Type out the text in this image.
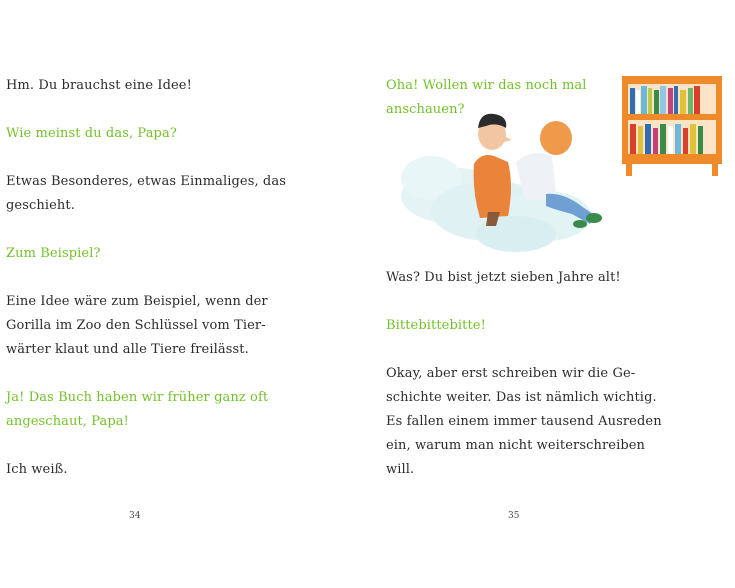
Hm. Du brauchst eine Idee!
Wie meinst du das, Papa?
Etwas Besonderes, etwas Einmaliges, das
geschieht.
Zum Beispiel?
Eine Idee wäre zum Beispiel, wenn der
Gorilla im Zoo den Schlüssel vom Tier-
wärter klaut und alle Tiere freilässt.
Ja! Das Buch haben wir früher ganz oft
angeschaut, Papa!
Ich weiß.
34
Oha! Wollen wir das noch mal
anschauen?
Was? Du bist jetzt sieben Jahre alt!
Bittebittebitte!
Okay, aber erst schreiben wir die Ge-
schichte weiter. Das ist nämlich wichtig.
Es fallen einem immer tausend Ausreden
ein, warum man nicht weiterschreiben
will.
35
